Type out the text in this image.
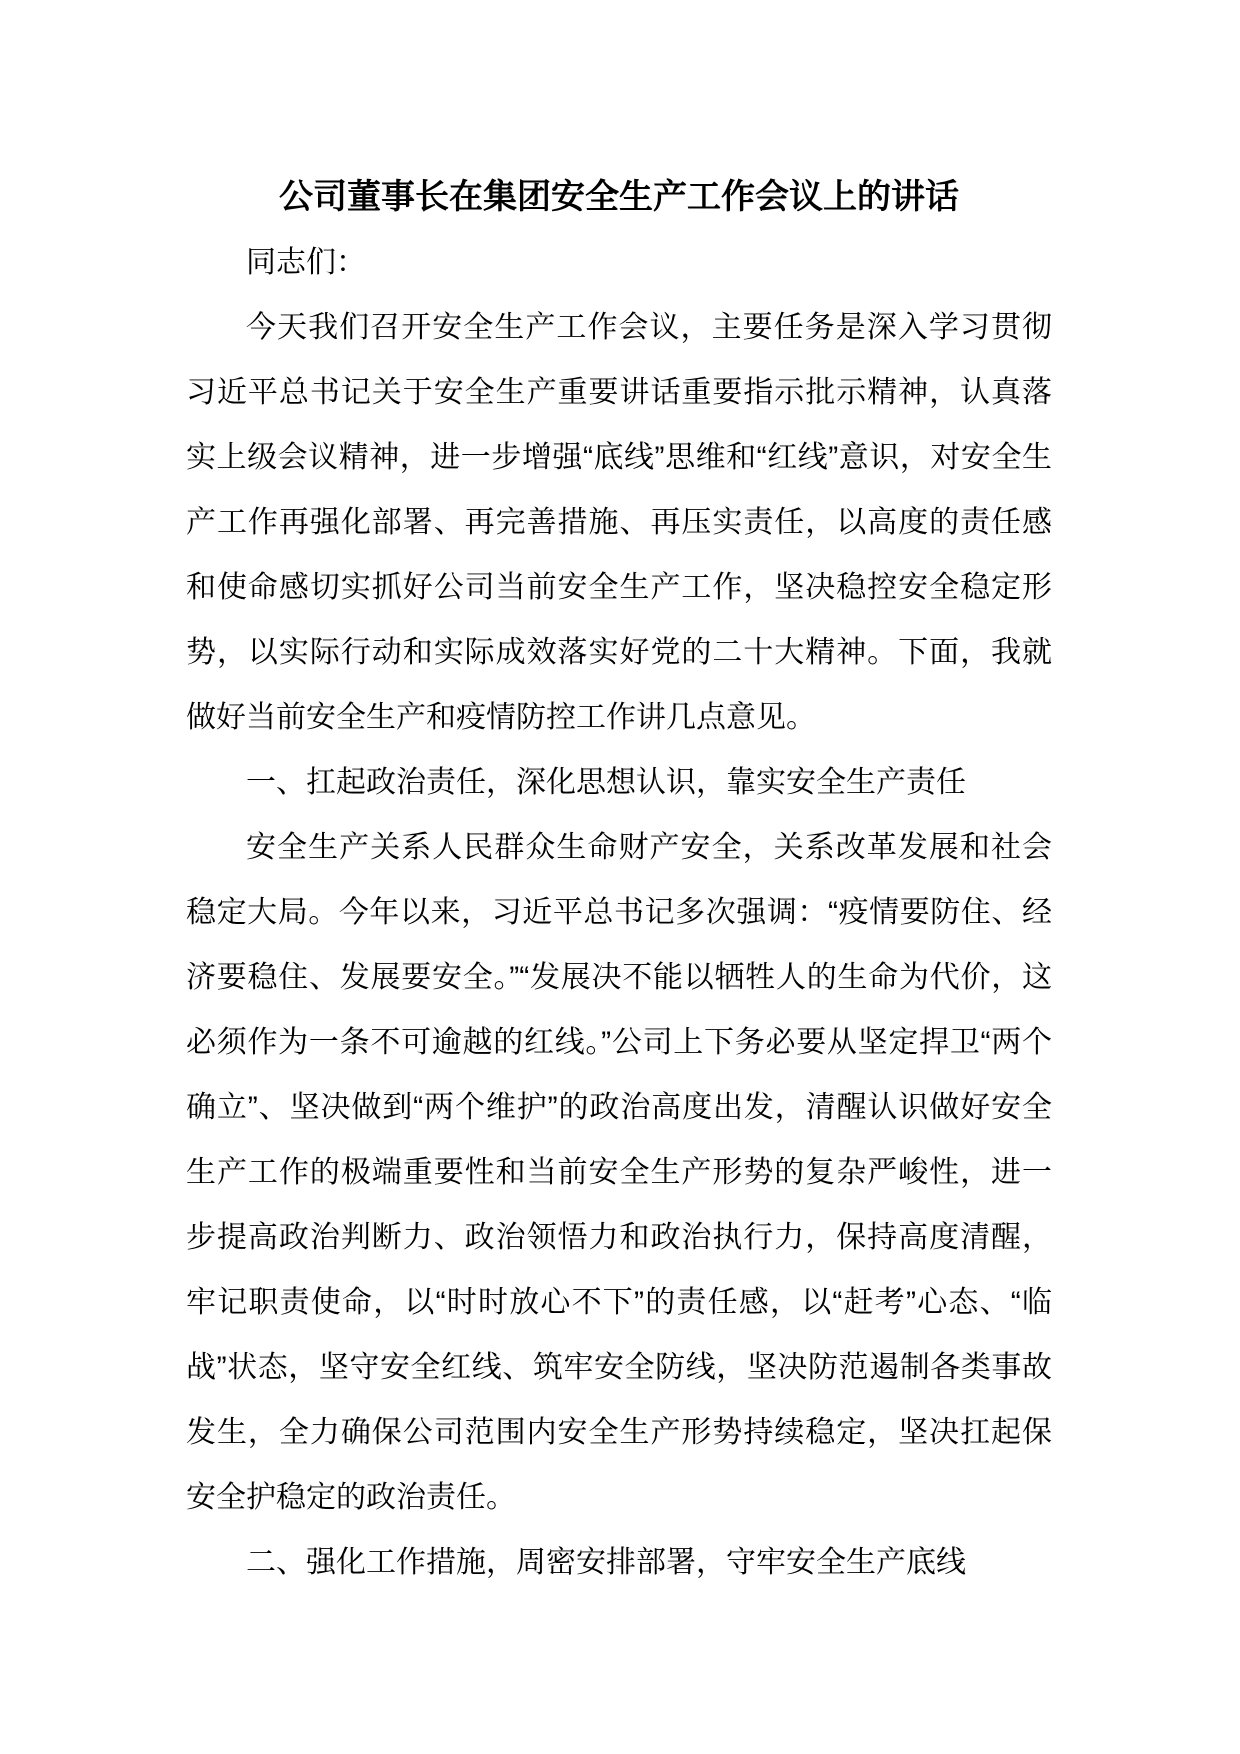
公司董事长在集团安全生产工作会议上的讲话

同志们：

今天我们召开安全生产工作会议，主要任务是深入学习贯彻习近平总书记关于安全生产重要讲话重要指示批示精神，认真落实上级会议精神，进一步增强“底线”思维和“红线”意识，对安全生产工作再强化部署、再完善措施、再压实责任，以高度的责任感和使命感切实抓好公司当前安全生产工作，坚决稳控安全稳定形势，以实际行动和实际成效落实好党的二十大精神。下面，我就做好当前安全生产和疫情防控工作讲几点意见。

一、扛起政治责任，深化思想认识，靠实安全生产责任

安全生产关系人民群众生命财产安全，关系改革发展和社会稳定大局。今年以来，习近平总书记多次强调：“疫情要防住、经济要稳住、发展要安全。”“发展决不能以牺牲人的生命为代价，这必须作为一条不可逾越的红线。”公司上下务必要从坚定捍卫“两个确立”、坚决做到“两个维护”的政治高度出发，清醒认识做好安全生产工作的极端重要性和当前安全生产形势的复杂严峻性，进一步提高政治判断力、政治领悟力和政治执行力，保持高度清醒，牢记职责使命，以“时时放心不下”的责任感，以“赶考”心态、“临战”状态，坚守安全红线、筑牢安全防线，坚决防范遏制各类事故发生，全力确保公司范围内安全生产形势持续稳定，坚决扛起保安全护稳定的政治责任。

二、强化工作措施，周密安排部署，守牢安全生产底线
